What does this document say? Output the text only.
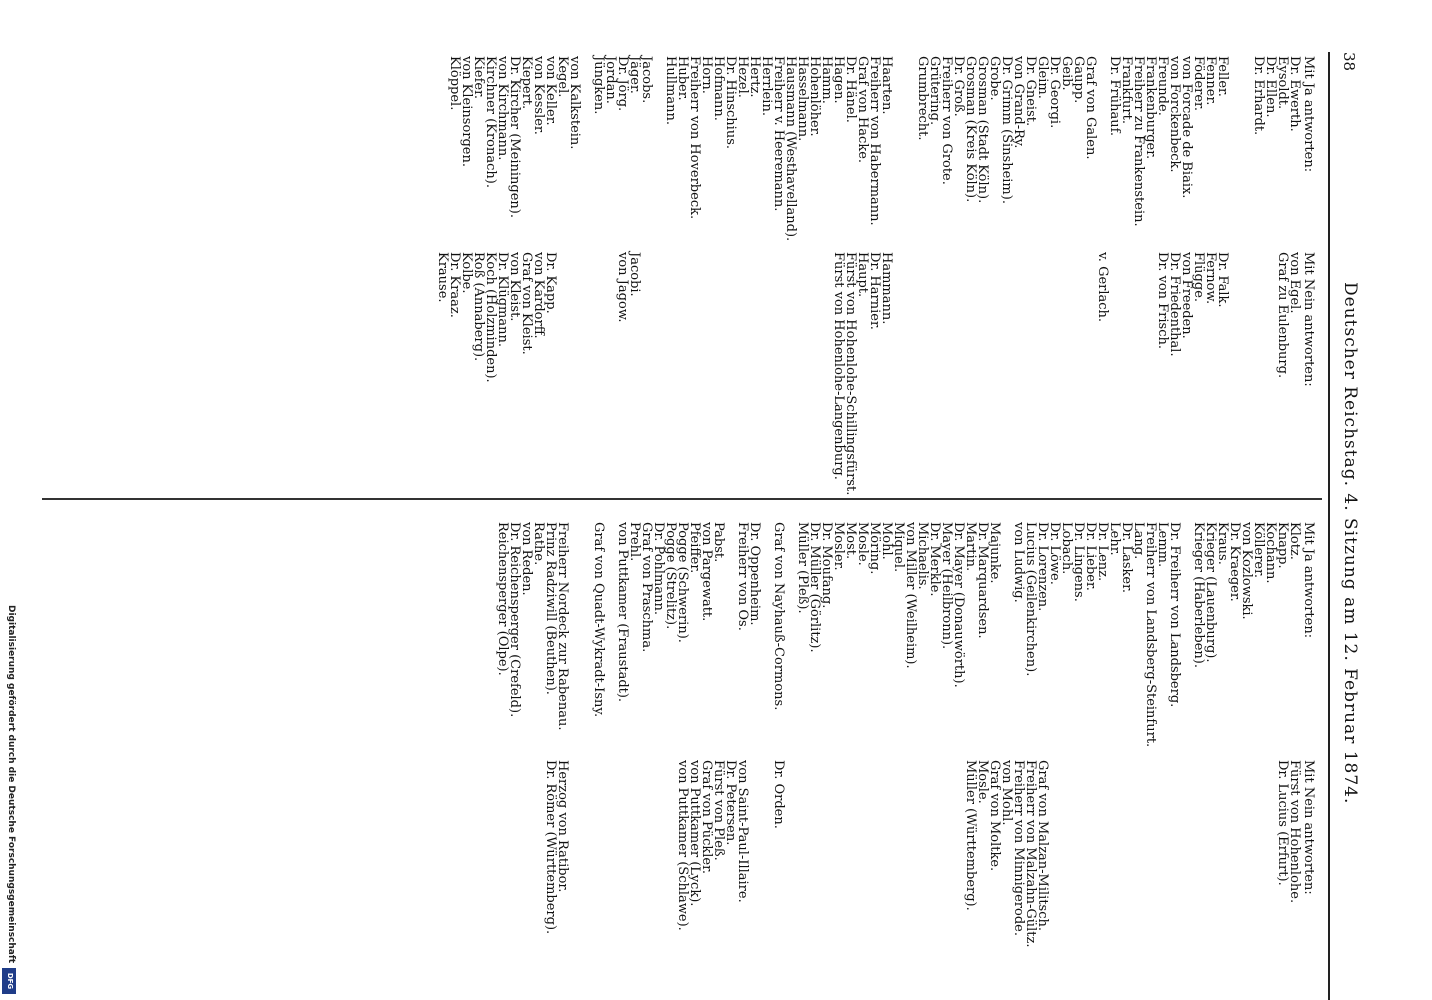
38
Deutscher Reichstag. 4. Sitzung am 12. Februar 1874.
Mit Ja antworten:
Dr. Ewerth.
Eysoldt.
Dr. Ellen.
Dr. Erhardt.
Feller.
Fenner.
Föderer.
von Forcade de Biaix.
von Forckenbeck.
Freunde.
Frankenburger.
Freiherr zu Frankenstein.
Frankfurt.
Dr. Frühauf.
Graf von Galen.
Gaupp.
Geib.
Dr. Georgi.
Gleim.
Dr. Gneist.
von Grand-Ry.
Dr. Grimm (Sinsheim).
Grobe.
Grosman (Stadt Köln).
Grosman (Kreis Köln).
Dr. Groß.
Freiherr von Grote.
Grütering.
Grumbrecht.
Haarten.
Freiherr von Habermann.
Graf von Hacke.
Dr. Hänel.
Hagen.
Hamm.
Hohenlöher.
Hasselmann.
Hausmann (Westhavelland).
Freiherr v. Heeremann.
Herrlein.
Hertz.
Hezel.
Dr. Hinschius.
Hofmann.
Horn.
Freiherr von Hoverbeck.
Huber.
Hullmann.
Jacobs.
Jäger.
Dr. Jörg.
Jordan.
Jüngken.
von Kalkstein.
Kegel.
von Keller.
von Kessler.
Kiepert.
Dr. Kircher (Meiningen).
von Kirchmann.
Kirchner (Kronach).
Kiefer.
von Kleinsorgen.
Klöppel.
Mit Nein antworten:
von Egel.
Graf zu Eulenburg.
Dr. Falk.
Fernow.
Flügge.
von Freeden.
Dr. Friedenthal.
Dr. von Frisch.
v. Gerlach.
Hammann.
Dr. Harnier.
Haupt.
Fürst von Hohenlohe-Schillingsfürst.
Fürst von Hohenlohe-Langenburg.
Jacobi.
von Jagow.
Dr. Kapp.
von Kardorff.
Graf von Kleist.
von Kleist.
Dr. Klügmann.
Koch (Holzminden).
Roß (Annaberg).
Kolbe.
Dr. Kraaz.
Krause.
Mit Ja antworten:
Klotz.
Knapp.
Kochann.
Köllerer.
von Kozlowski.
Dr. Kraeger.
Kraus.
Krieger (Lauenburg).
Krieger (Haberleben).
Dr. Freiherr von Landsberg.
Lemm.
Freiherr von Landsberg-Steinfurt.
Lang.
Dr. Lasker.
Lehr.
Dr. Lenz.
Dr. Lieber.
Dr. Lingens.
Lobach.
Dr. Löwe.
Dr. Lorenzen.
Lucius (Geilenkirchen).
von Ludwig.
Majunke.
Dr. Marquardsen.
Martin.
Dr. Mayer (Donauwörth).
Mayer (Heilbronn).
Dr. Merkle.
Michaelis.
von Miller (Weilheim).
Miquel.
Mohl.
Möring.
Mosle.
Most.
Mosler.
Dr. Moufang.
Dr. Müller (Görlitz).
Müller (Pleß).
Graf von Nayhauß-Cormons.
Dr. Oppenheim.
Freiherr von Os.
Pabst.
von Pargewatt.
Pfeiffer.
Pogge (Schwerin).
Pogge (Strelitz).
Dr. Pohlmann.
Graf von Praschma.
Prehl.
von Puttkamer (Fraustadt).
Graf von Quadt-Wykradt-Isny.
Freiherr Nordeck zur Rabenau.
Prinz Radziwill (Beuthen).
Rathe.
von Reden.
Dr. Reichensperger (Crefeld).
Reichensperger (Olpe).
Mit Nein antworten:
Fürst von Hohenlohe.
Dr. Lucius (Erfurt).
Graf von Malzan-Militsch.
Freiherr von Malzahn-Gültz.
Freiherr von Minnigerode.
von Mohl.
Graf von Moltke.
Mosle.
Müller (Württemberg).
Dr. Orden.
von Saint-Paul-Illaire.
Dr. Petersen.
Fürst von Pleß.
Graf von Pückler.
von Puttkamer (Lyck).
von Puttkamer (Schlawe).
Herzog von Ratibor.
Dr. Römer (Württemberg).
Digitalisierung gefördert durch die Deutsche Forschungsgemeinschaft
DFG
